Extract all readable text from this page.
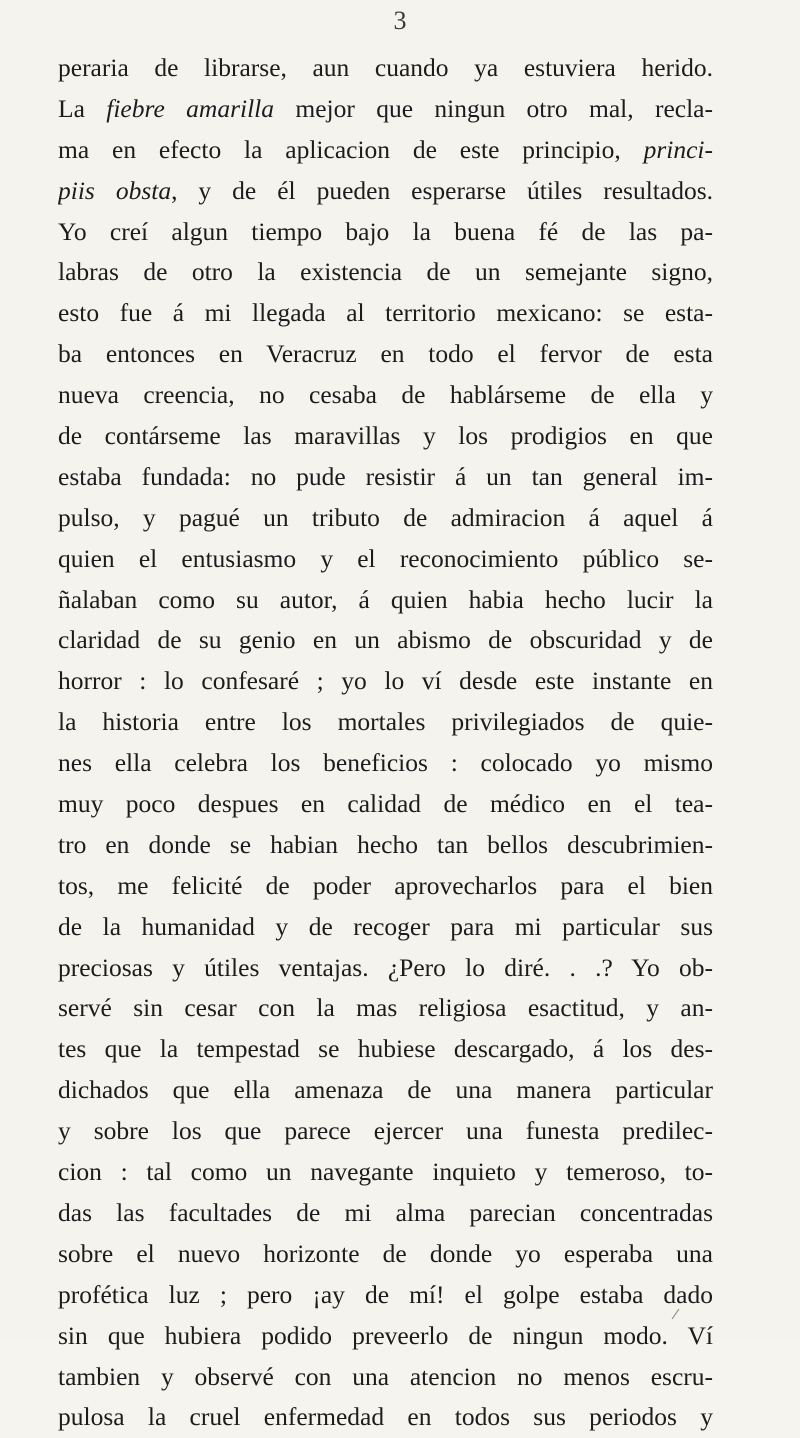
3
peraria de librarse, aun cuando ya estuviera herido.
La fiebre amarilla mejor que ningun otro mal, recla-
ma en efecto la aplicacion de este principio, princi-
piis obsta, y de él pueden esperarse útiles resultados.
Yo creí algun tiempo bajo la buena fé de las pa-
labras de otro la existencia de un semejante signo,
esto fue á mi llegada al territorio mexicano: se esta-
ba entonces en Veracruz en todo el fervor de esta
nueva creencia, no cesaba de hablárseme de ella y
de contárseme las maravillas y los prodigios en que
estaba fundada: no pude resistir á un tan general im-
pulso, y pagué un tributo de admiracion á aquel á
quien el entusiasmo y el reconocimiento público se-
ñalaban como su autor, á quien habia hecho lucir la
claridad de su genio en un abismo de obscuridad y de
horror : lo confesaré ; yo lo ví desde este instante en
la historia entre los mortales privilegiados de quie-
nes ella celebra los beneficios : colocado yo mismo
muy poco despues en calidad de médico en el tea-
tro en donde se habian hecho tan bellos descubrimien-
tos, me felicité de poder aprovecharlos para el bien
de la humanidad y de recoger para mi particular sus
preciosas y útiles ventajas. ¿Pero lo diré. . .? Yo ob-
servé sin cesar con la mas religiosa esactitud, y an-
tes que la tempestad se hubiese descargado, á los des-
dichados que ella amenaza de una manera particular
y sobre los que parece ejercer una funesta predilec-
cion : tal como un navegante inquieto y temeroso, to-
das las facultades de mi alma parecian concentradas
sobre el nuevo horizonte de donde yo esperaba una
profética luz ; pero ¡ay de mí! el golpe estaba dado
sin que hubiera podido preveerlo de ningun modo. Ví
tambien y observé con una atencion no menos escru-
pulosa la cruel enfermedad en todos sus periodos y
